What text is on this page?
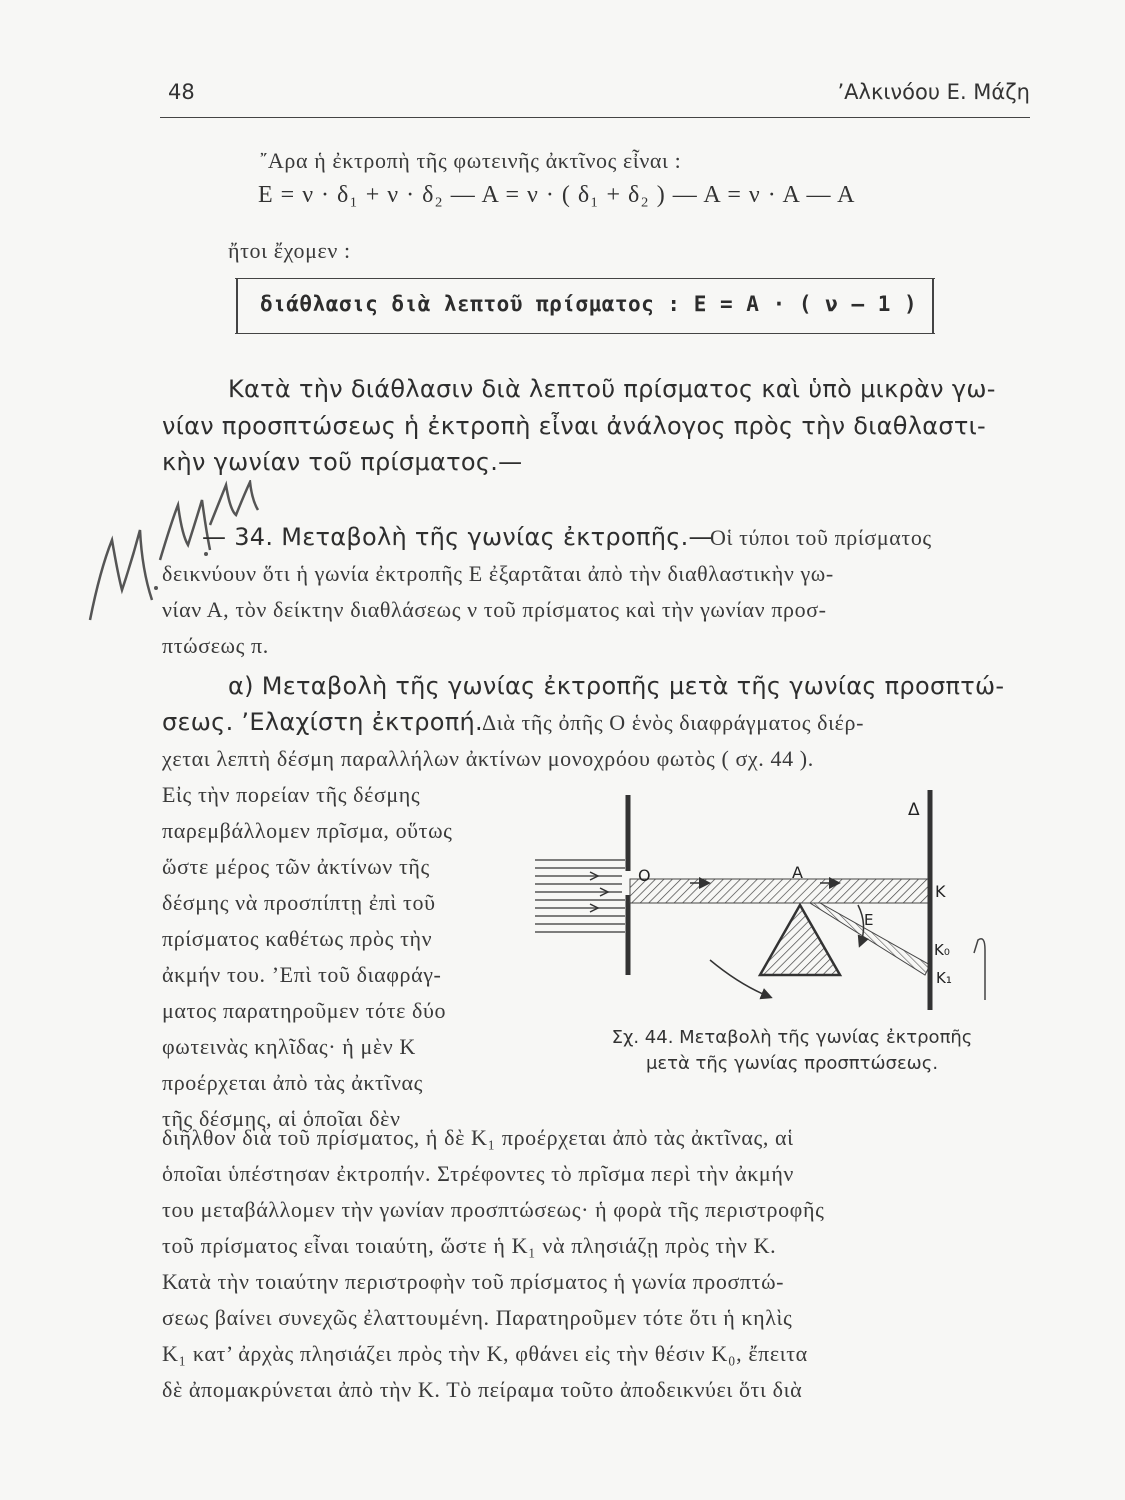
48	’Αλκινόου Ε. Μάζη
῎Αρα ἡ ἐκτροπὴ τῆς φωτεινῆς ἀκτῖνος εἶναι :
Ε = ν · δ₁ + ν · δ₂ — Α = ν · ( δ₁ + δ₂ ) — Α = ν · Α — Α
ἤτοι ἔχομεν :
διάθλασις διὰ λεπτοῦ πρίσματος : Ε = Α · ( ν — 1 )
Κατὰ τὴν διάθλασιν διὰ λεπτοῦ πρίσματος καὶ ὑπὸ μικρὰν γω-
νίαν προσπτώσεως ἡ ἐκτροπὴ εἶναι ἀνάλογος πρὸς τὴν διαθλαστι-
κὴν γωνίαν τοῦ πρίσματος.—
— 34. Μεταβολὴ τῆς γωνίας ἐκτροπῆς.—
Οἱ τύποι τοῦ πρίσματος
δεικνύουν ὅτι ἡ γωνία ἐκτροπῆς Ε ἐξαρτᾶται ἀπὸ τὴν διαθλαστικὴν γω-
νίαν Α, τὸν δείκτην διαθλάσεως ν τοῦ πρίσματος καὶ τὴν γωνίαν προσ-
πτώσεως π.
α) Μεταβολὴ τῆς γωνίας ἐκτροπῆς μετὰ τῆς γωνίας προσπτώ-
σεως. ’Ελαχίστη ἐκτροπή. Διὰ τῆς ὀπῆς Ο ἑνὸς διαφράγματος διέρ-
χεται λεπτὴ δέσμη παραλλήλων ἀκτίνων μονοχρόου φωτὸς ( σχ. 44 ).
Εἰς τὴν πορείαν τῆς δέσμης
παρεμβάλλομεν πρῖσμα, οὕτως
ὥστε μέρος τῶν ἀκτίνων τῆς
δέσμης νὰ προσπίπτῃ ἐπὶ τοῦ
πρίσματος καθέτως πρὸς τὴν
ἀκμήν του. ’Επὶ τοῦ διαφράγ-
ματος παρατηροῦμεν τότε δύο
φωτεινὰς κηλῖδας· ἡ μὲν Κ
προέρχεται ἀπὸ τὰς ἀκτῖνας
τῆς δέσμης, αἱ ὁποῖαι δὲν
O	A
Δ
K
E
K₀
K₁
Σχ. 44. Μεταβολὴ τῆς γωνίας ἐκτροπῆς
μετὰ τῆς γωνίας προσπτώσεως.
διῆλθον διὰ τοῦ πρίσματος, ἡ δὲ Κ₁ προέρχεται ἀπὸ τὰς ἀκτῖνας, αἱ
ὁποῖαι ὑπέστησαν ἐκτροπήν. Στρέφοντες τὸ πρῖσμα περὶ τὴν ἀκμήν
του μεταβάλλομεν τὴν γωνίαν προσπτώσεως· ἡ φορὰ τῆς περιστροφῆς
τοῦ πρίσματος εἶναι τοιαύτη, ὥστε ἡ Κ₁ νὰ πλησιάζῃ πρὸς τὴν Κ.
Κατὰ τὴν τοιαύτην περιστροφὴν τοῦ πρίσματος ἡ γωνία προσπτώ-
σεως βαίνει συνεχῶς ἐλαττουμένη. Παρατηροῦμεν τότε ὅτι ἡ κηλὶς
Κ₁ κατ’ ἀρχὰς πλησιάζει πρὸς τὴν Κ, φθάνει εἰς τὴν θέσιν Κ₀, ἔπειτα
δὲ ἀπομακρύνεται ἀπὸ τὴν Κ. Τὸ πείραμα τοῦτο ἀποδεικνύει ὅτι διὰ
